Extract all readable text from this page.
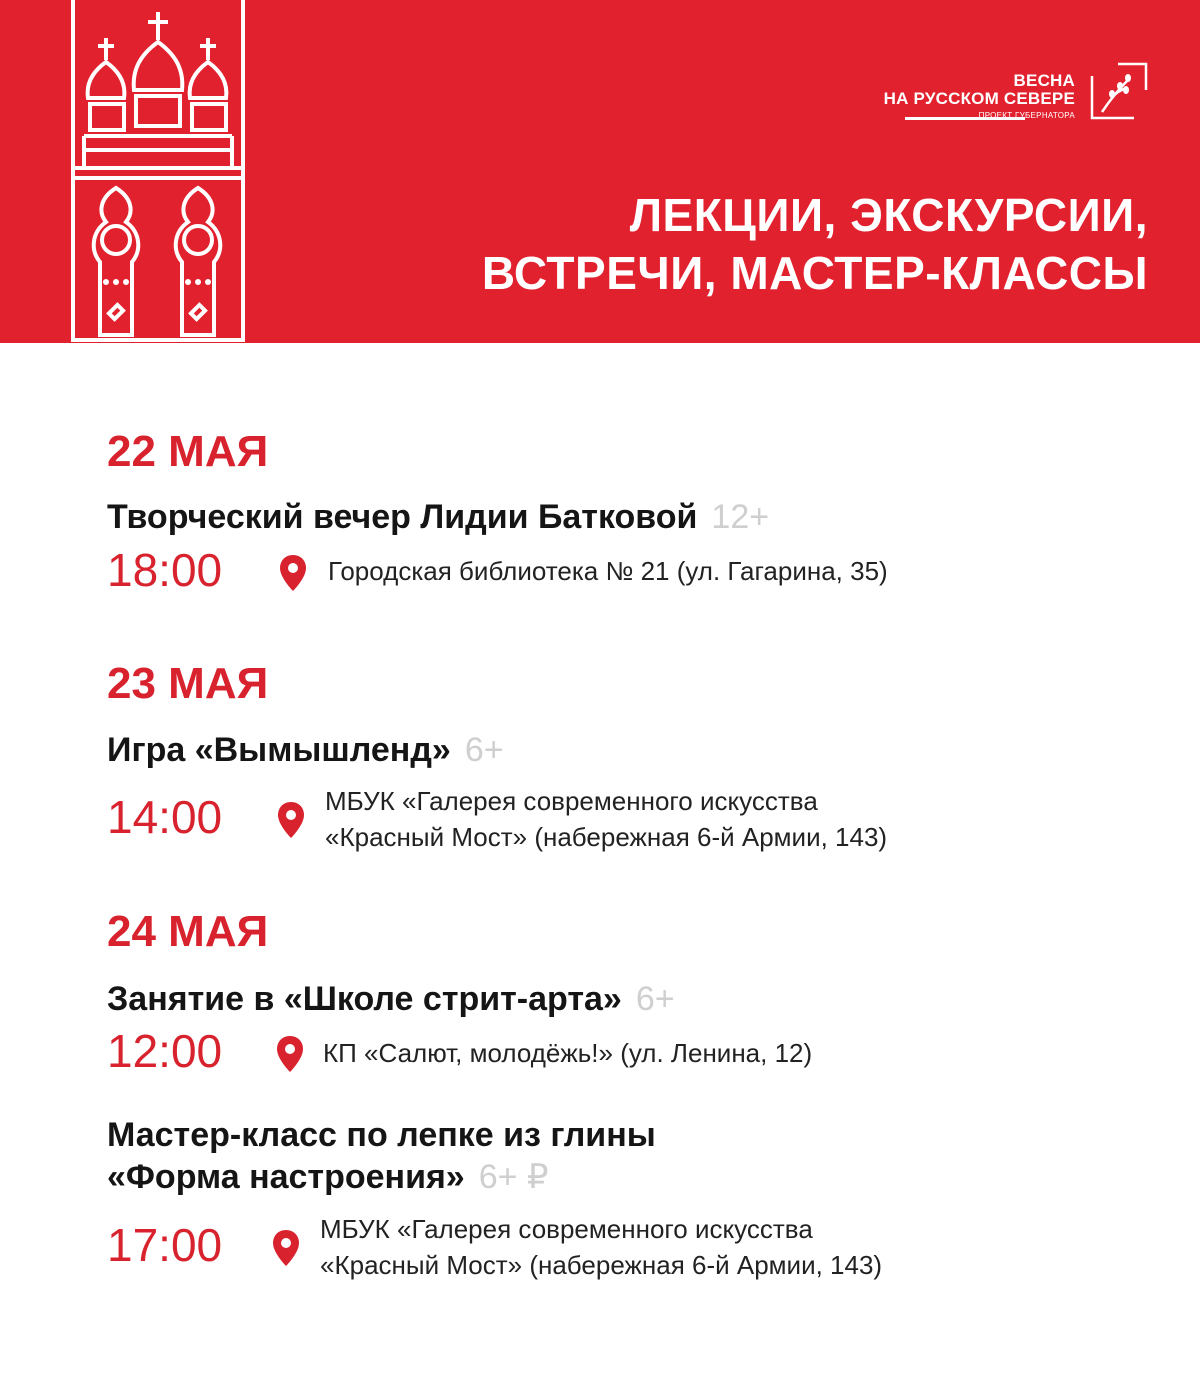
ВЕСНА
НА РУССКОМ СЕВЕРЕ
ПРОЕКТ ГУБЕРНАТОРА
ЛЕКЦИИ, ЭКСКУРСИИ,
ВСТРЕЧИ, МАСТЕР-КЛАССЫ
22 МАЯ
Творческий вечер Лидии Батковой 12+
18:00	Городская библиотека № 21 (ул. Гагарина, 35)
23 МАЯ
Игра «Вымышленд» 6+
14:00	МБУК «Галерея современного искусства
«Красный Мост» (набережная 6-й Армии, 143)
24 МАЯ
Занятие в «Школе стрит-арта» 6+
12:00	КП «Салют, молодёжь!» (ул. Ленина, 12)
Мастер-класс по лепке из глины
«Форма настроения» 6+ ₽
17:00	МБУК «Галерея современного искусства
«Красный Мост» (набережная 6-й Армии, 143)
